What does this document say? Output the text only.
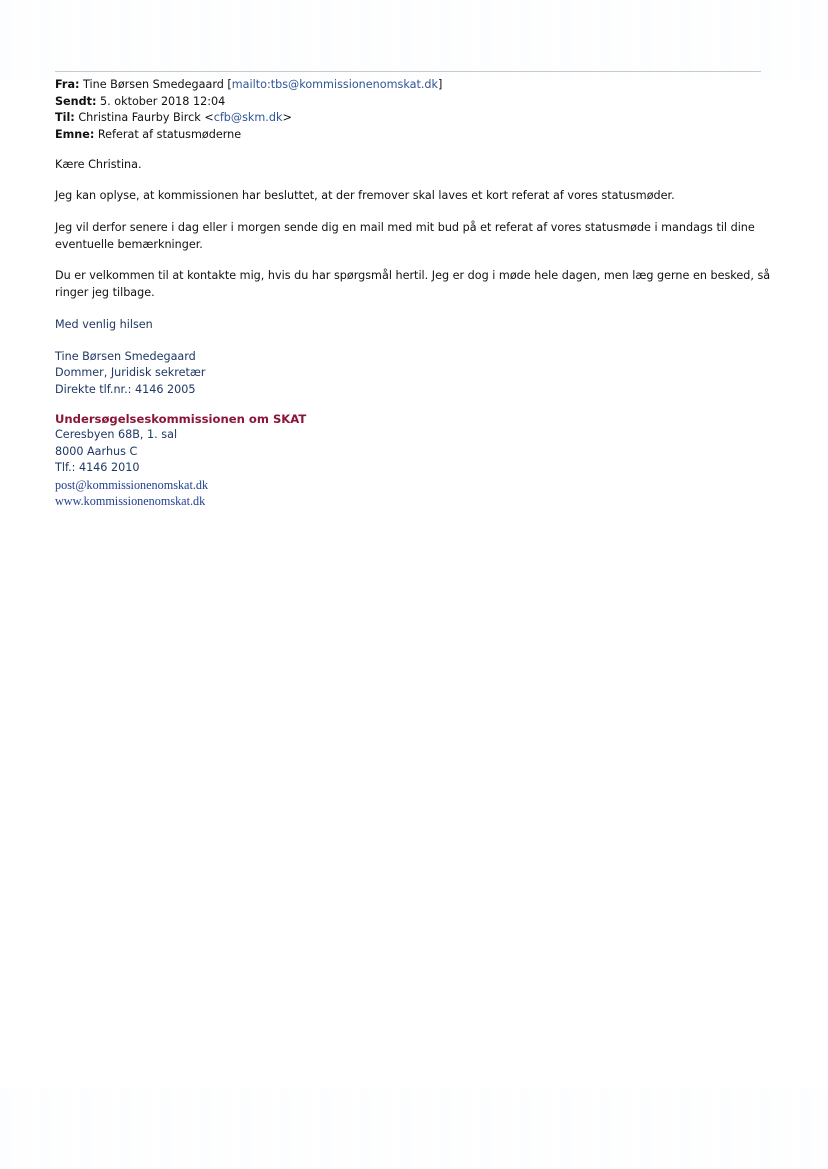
Fra: Tine Børsen Smedegaard [mailto:tbs@kommissionenomskat.dk]
Sendt: 5. oktober 2018 12:04
Til: Christina Faurby Birck <cfb@skm.dk>
Emne: Referat af statusmøderne

Kære Christina.

Jeg kan oplyse, at kommissionen har besluttet, at der fremover skal laves et kort referat af vores statusmøder.

Jeg vil derfor senere i dag eller i morgen sende dig en mail med mit bud på et referat af vores statusmøde i mandags til dine eventuelle bemærkninger.

Du er velkommen til at kontakte mig, hvis du har spørgsmål hertil. Jeg er dog i møde hele dagen, men læg gerne en besked, så ringer jeg tilbage.

Med venlig hilsen
Tine Børsen Smedegaard
Dommer, Juridisk sekretær
Direkte tlf.nr.: 4146 2005
Undersøgelseskommissionen om SKAT
Ceresbyen 68B, 1. sal
8000 Aarhus C
Tlf.: 4146 2010
post@kommissionenomskat.dk
www.kommissionenomskat.dk
